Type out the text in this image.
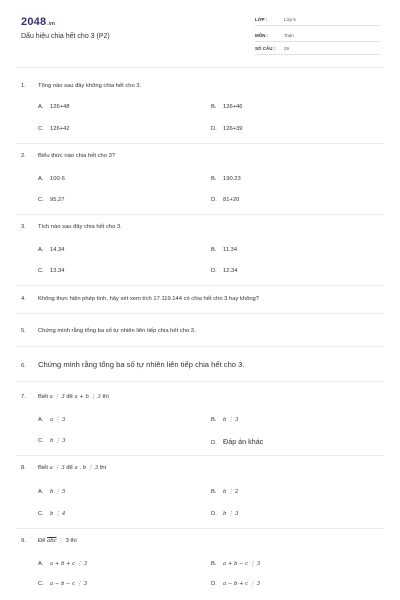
2048.vn
Dấu hiệu chia hết cho 3 (P2)
LỚP :	Lớp 6
MÔN :	Toán
SỐ CÂU : 29
1. Tổng nào sau đây không chia hết cho 3.
A. 126+48	B. 126+46
C. 126+42	D. 126+39
2. Biểu thức nào chia hết cho 3?
A. 100·6	B. 190.23
C. 95.27	D. 81+20
3. Tích nào sau đây chia hết cho 3.
A. 14.34	B. 11.34
C. 13.34	D. 12.34
4. Không thực hiện phép tính, hãy xét xem tích 17.119.144 có chia hết cho 3 hay không?
5. Chứng minh rằng tổng ba số tự nhiên liên tiếp chia hết cho 3.
6. Chứng minh rằng tổng ba số tự nhiên liên tiếp chia hết cho 3.
7. Biết a ⋮ 3 để a + b ⋮ 3 thì
A. a ⋮ 3	B. b ⋮ 3
C. b ⋮ 3	D. Đáp án khác
8. Biết a ⋮ 3 để a . b ⋮ 3 thì
A. b ⋮ 5	B. b ⋮ 2
C. b ⋮ 4	D. b ⋮ 3
9. Để $\overline{abc}$ ⋮ 3 thì
A. a + b + c ⋮ 3	B. a + b − c ⋮ 3
C. a − b − c ⋮ 3	D. a − b + c ⋮ 3
